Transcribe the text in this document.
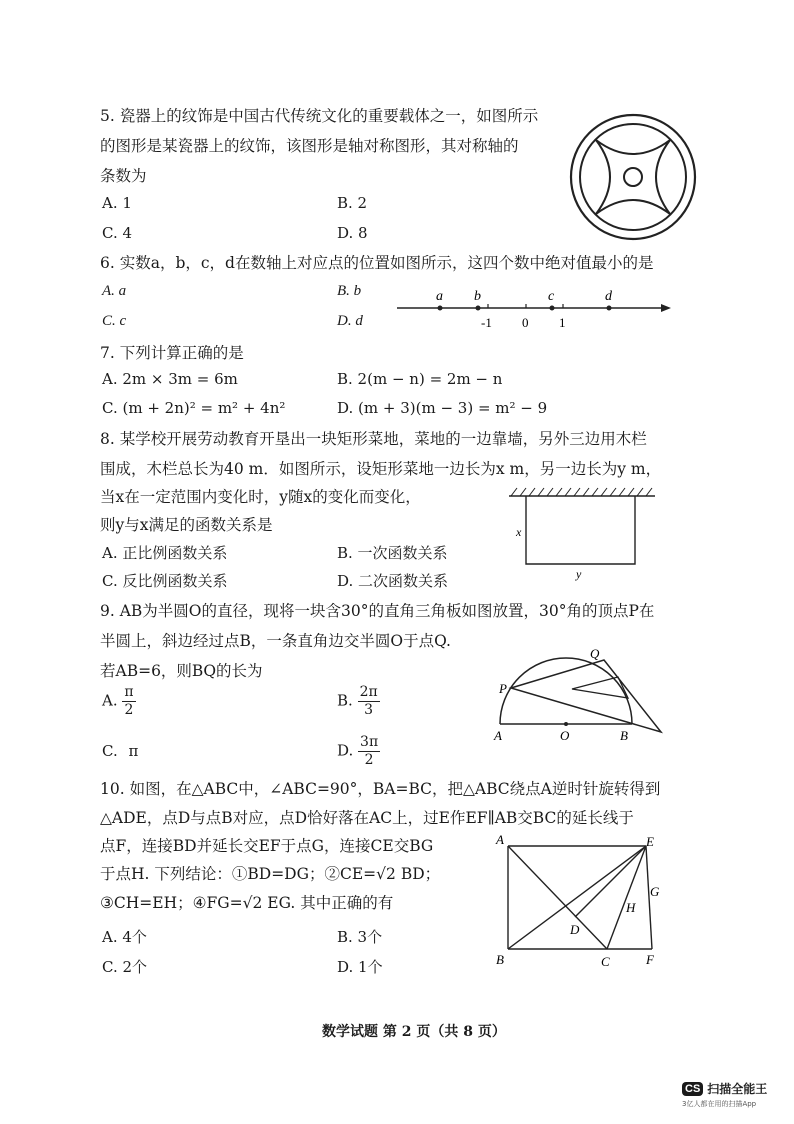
5. 瓷器上的纹饰是中国古代传统文化的重要载体之一，如图所示
的图形是某瓷器上的纹饰，该图形是轴对称图形，其对称轴的
条数为
A. 1	B. 2
C. 4	D. 8
6. 实数a，b，c，d在数轴上对应点的位置如图所示，这四个数中绝对值最小的是
A. a	B. b
C. c	D. d
a b	c	d
-1 0 1
7. 下列计算正确的是
A. 2m × 3m = 6m	B. 2(m − n) = 2m − n
C. (m + 2n)² = m² + 4n²	D. (m + 3)(m − 3) = m² − 9
8. 某学校开展劳动教育开垦出一块矩形菜地，菜地的一边靠墙，另外三边用木栏
围成，木栏总长为40 m．如图所示，设矩形菜地一边长为x m，另一边长为y m，
当x在一定范围内变化时，y随x的变化而变化，
则y与x满足的函数关系是
A. 正比例函数关系	B. 一次函数关系
C. 反比例函数关系	D. 二次函数关系
x
y
9. AB为半圆O的直径，现将一块含30°的直角三角板如图放置，30°角的顶点P在
半圆上，斜边经过点B，一条直角边交半圆O于点Q.
若AB=6，则BQ的长为
A. $\frac{\pi}{2}$	B. $\frac{2\pi}{3}$
C. π	D. $\frac{3\pi}{2}$
Q
P
A	O	B
10. 如图，在△ABC中，∠ABC=90°，BA=BC，把△ABC绕点A逆时针旋转得到
△ADE，点D与点B对应，点D恰好落在AC上，过E作EF∥AB交BC的延长线于
点F，连接BD并延长交EF于点G，连接CE交BG
于点H. 下列结论：①BD=DG；②CE=√2 BD；
③CH=EH；④FG=√2 EG. 其中正确的有
A. 4个	B. 3个
C. 2个	D. 1个
A	E
G
H
D
B	C	F
数学试题 第 2 页（共 8 页）
CS 扫描全能王
3亿人都在用的扫描App
